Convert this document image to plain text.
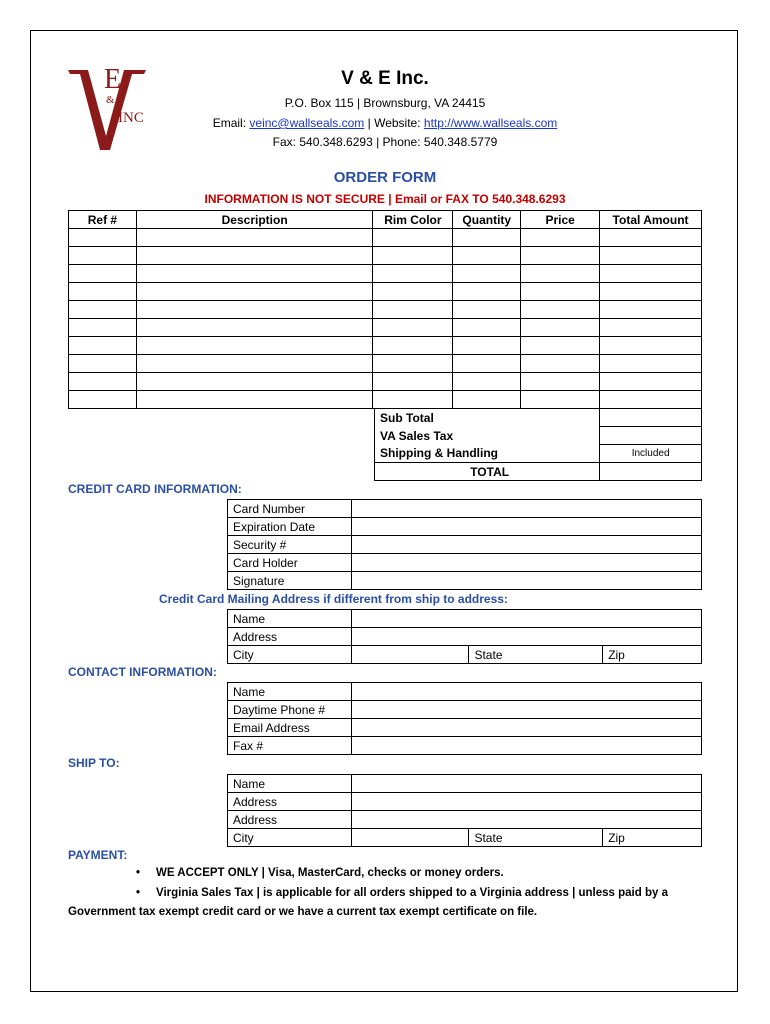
E
&
INC
V & E Inc.
P.O. Box 115 | Brownsburg, VA 24415
Email: veinc@wallseals.com | Website: http://www.wallseals.com
Fax: 540.348.6293 | Phone: 540.348.5779
ORDER FORM
INFORMATION IS NOT SECURE | Email or FAX TO 540.348.6293
Ref #	Description	Rim Color	Quantity	Price	Total Amount

Sub Total	
VA Sales Tax	
Shipping & Handling	Included
TOTAL	
CREDIT CARD INFORMATION:
Card Number	
Expiration Date	
Security #	
Card Holder	
Signature	
Credit Card Mailing Address if different from ship to address:
Name			
Address			
City		State	Zip
CONTACT INFORMATION:
Name	
Daytime Phone #	
Email Address	
Fax #	
SHIP TO:
Name			
Address			
Address			
City		State	Zip
PAYMENT:
• WE ACCEPT ONLY | Visa, MasterCard, checks or money orders.
• Virginia Sales Tax | is applicable for all orders shipped to a Virginia address | unless paid by a
Government tax exempt credit card or we have a current tax exempt certificate on file.
